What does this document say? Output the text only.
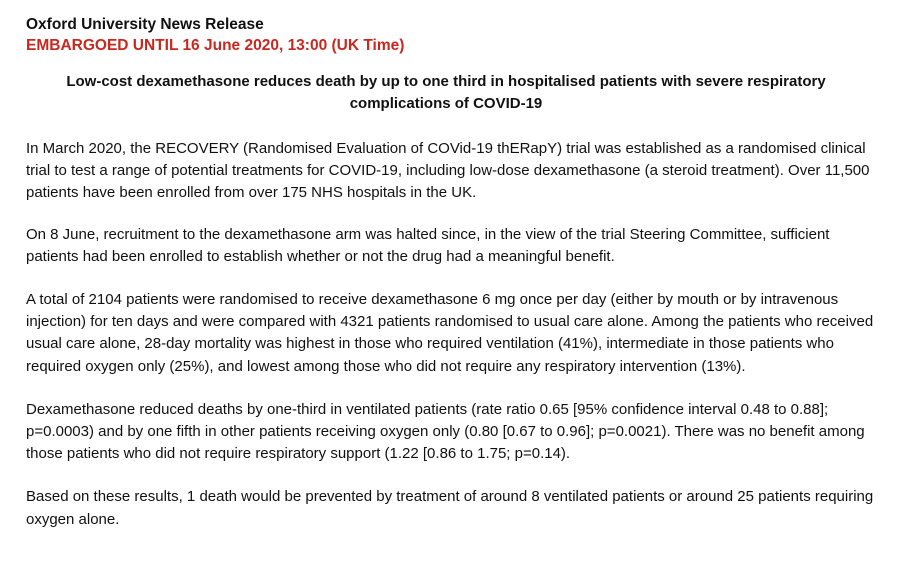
Oxford University News Release

EMBARGOED UNTIL 16 June 2020, 13:00 (UK Time)

Low-cost dexamethasone reduces death by up to one third in hospitalised patients with severe respiratory complications of COVID-19

In March 2020, the RECOVERY (Randomised Evaluation of COVid-19 thERapY) trial was established as a randomised clinical trial to test a range of potential treatments for COVID-19, including low-dose dexamethasone (a steroid treatment). Over 11,500 patients have been enrolled from over 175 NHS hospitals in the UK.

On 8 June, recruitment to the dexamethasone arm was halted since, in the view of the trial Steering Committee, sufficient patients had been enrolled to establish whether or not the drug had a meaningful benefit.

A total of 2104 patients were randomised to receive dexamethasone 6 mg once per day (either by mouth or by intravenous injection) for ten days and were compared with 4321 patients randomised to usual care alone. Among the patients who received usual care alone, 28-day mortality was highest in those who required ventilation (41%), intermediate in those patients who required oxygen only (25%), and lowest among those who did not require any respiratory intervention (13%).

Dexamethasone reduced deaths by one-third in ventilated patients (rate ratio 0.65 [95% confidence interval 0.48 to 0.88]; p=0.0003) and by one fifth in other patients receiving oxygen only (0.80 [0.67 to 0.96]; p=0.0021). There was no benefit among those patients who did not require respiratory support (1.22 [0.86 to 1.75; p=0.14).

Based on these results, 1 death would be prevented by treatment of around 8 ventilated patients or around 25 patients requiring oxygen alone.
